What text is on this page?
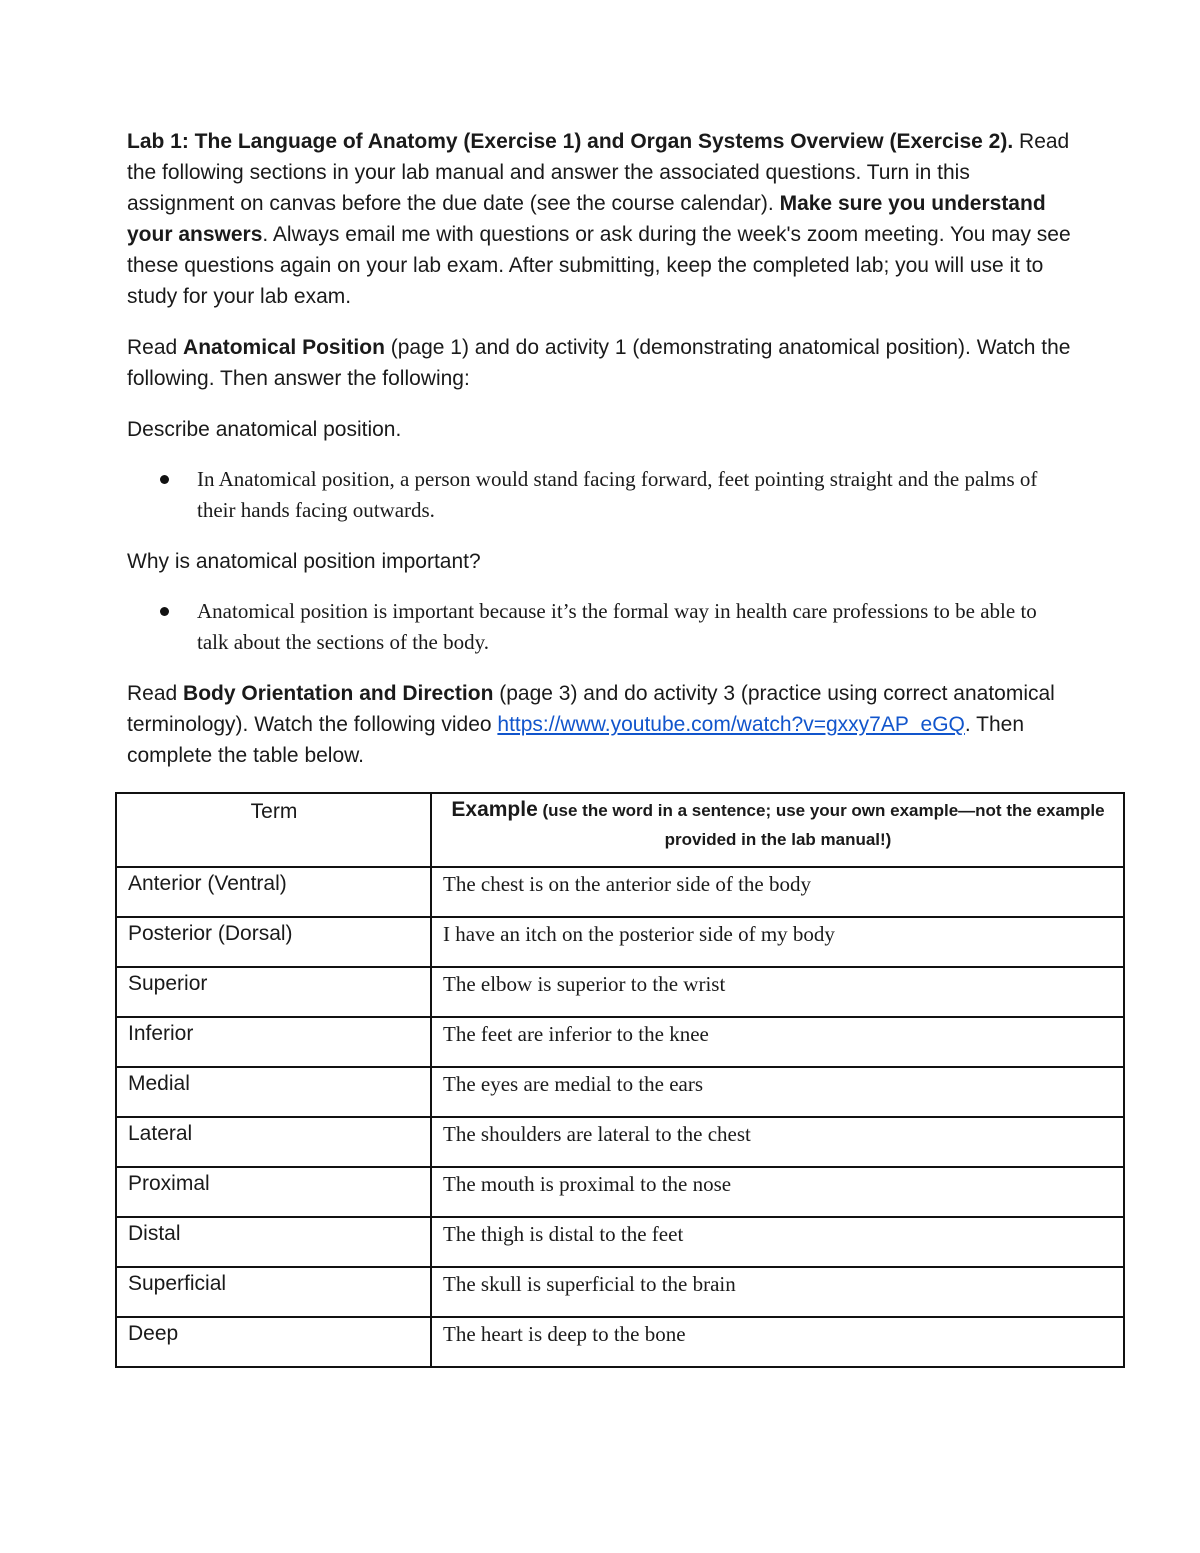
Lab 1: The Language of Anatomy (Exercise 1) and Organ Systems Overview (Exercise 2). Read the following sections in your lab manual and answer the associated questions. Turn in this assignment on canvas before the due date (see the course calendar). Make sure you understand your answers. Always email me with questions or ask during the week's zoom meeting. You may see these questions again on your lab exam. After submitting, keep the completed lab; you will use it to study for your lab exam.

Read Anatomical Position (page 1) and do activity 1 (demonstrating anatomical position). Watch the following. Then answer the following:

Describe anatomical position.

In Anatomical position, a person would stand facing forward, feet pointing straight and the palms of their hands facing outwards.

Why is anatomical position important?

Anatomical position is important because it’s the formal way in health care professions to be able to talk about the sections of the body.

Read Body Orientation and Direction (page 3) and do activity 3 (practice using correct anatomical terminology). Watch the following video https://www.youtube.com/watch?v=gxxy7AP_eGQ. Then complete the table below.

Term	Example (use the word in a sentence; use your own example—not the example provided in the lab manual!)
Anterior (Ventral)	The chest is on the anterior side of the body
Posterior (Dorsal)	I have an itch on the posterior side of my body
Superior	The elbow is superior to the wrist
Inferior	The feet are inferior to the knee
Medial	The eyes are medial to the ears
Lateral	The shoulders are lateral to the chest
Proximal	The mouth is proximal to the nose
Distal	The thigh is distal to the feet
Superficial	The skull is superficial to the brain
Deep	The heart is deep to the bone
